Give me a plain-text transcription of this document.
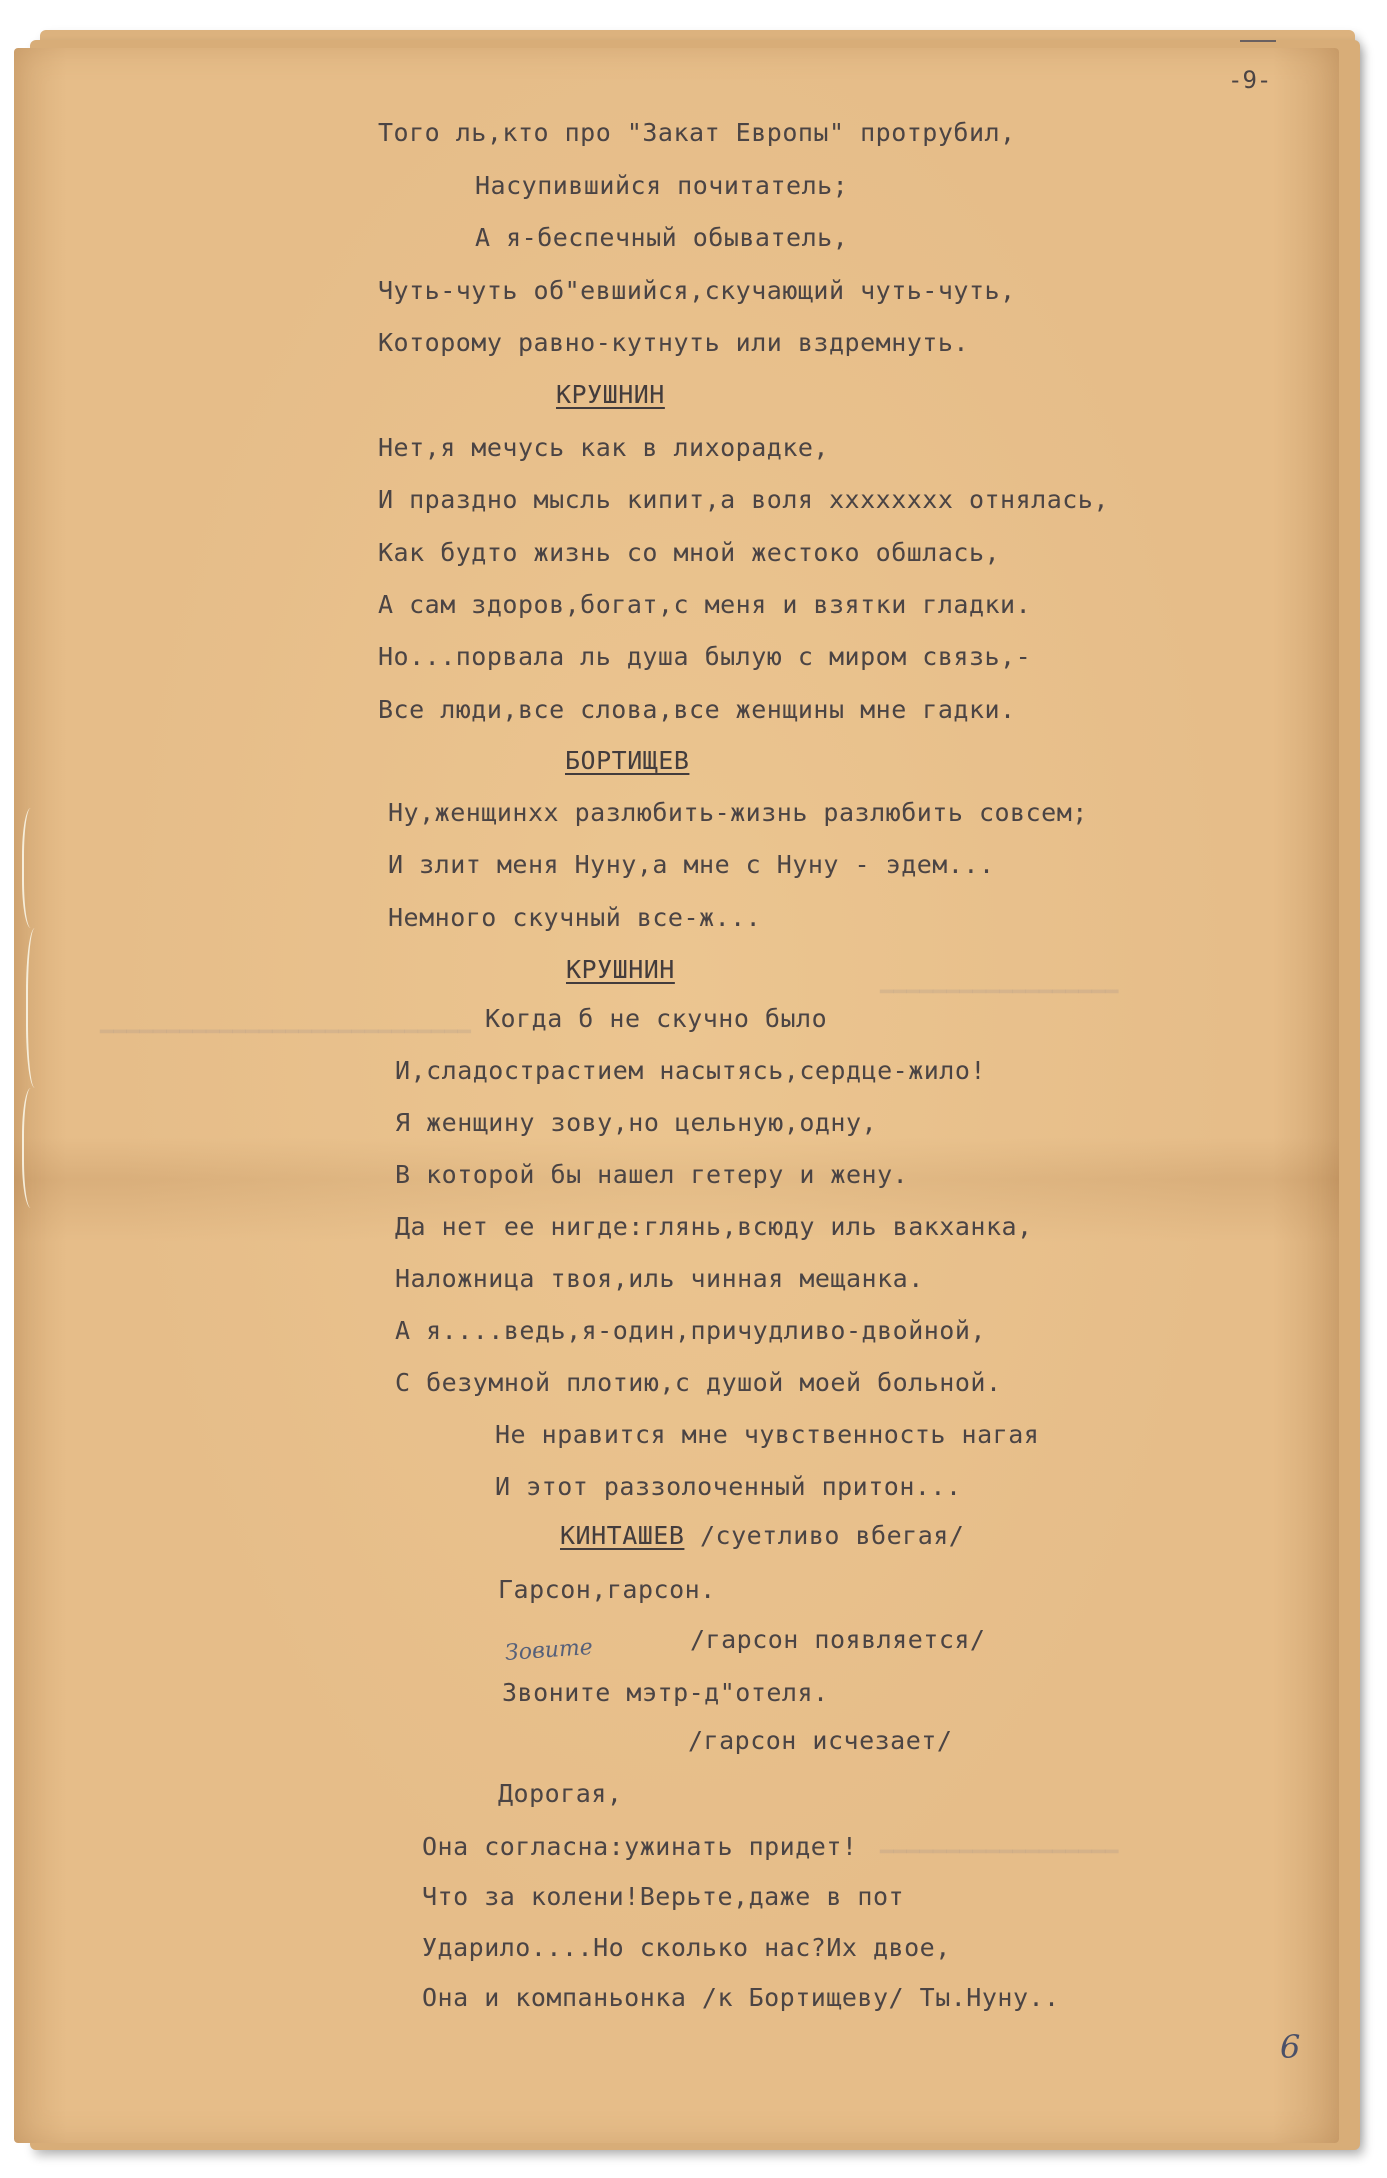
━━━━━━━━━━━━━━━━━━
━━━━━━━━━━━━━━━━━━━━━━━━━━━━
━━━━━━━━━━━━━━━━━━
-9-
Того ль,кто про "Закат Европы" протрубил,
Насупившийся почитатель;
А я-беспечный обыватель,
Чуть-чуть об"евшийся,скучающий чуть-чуть,
Которому равно-кутнуть или вздремнуть.
КРУШНИН
Нет,я мечусь как в лихорадке,
И праздно мысль кипит,а воля xxxxxxxx отнялась,
Как будто жизнь со мной жестоко обшлась,
А сам здоров,богат,с меня и взятки гладки.
Но...порвала ль душа былую с миром связь,-
Все люди,все слова,все женщины мне гадки.
БОРТИЩЕВ
Ну,женщинxx разлюбить-жизнь разлюбить совсем;
И злит меня Нуну,а мне с Нуну - эдем...
Немного скучный все-ж...
КРУШНИН
Когда б не скучно было
И,сладострастием насытясь,сердце-жило!
Я женщину зову,но цельную,одну,
В которой бы нашел гетеру и жену.
Да нет ее нигде:глянь,всюду иль вакханка,
Наложница твоя,иль чинная мещанка.
А я....ведь,я-один,причудливо-двойной,
С безумной плотию,с душой моей больной.
Не нравится мне чувственность нагая
И этот раззолоченный притон...
КИНТАШЕВ /суетливо вбегая/
Гарсон,гарсон.
/гарсон появляется/
Звоните мэтр-д"отеля.
/гарсон исчезает/
Дорогая,
Она согласна:ужинать придет!
Что за колени!Верьте,даже в пот
Ударило....Но сколько нас?Их двое,
Она и компаньонка /к Бортищеву/ Ты.Нуну..
Зовите
6
